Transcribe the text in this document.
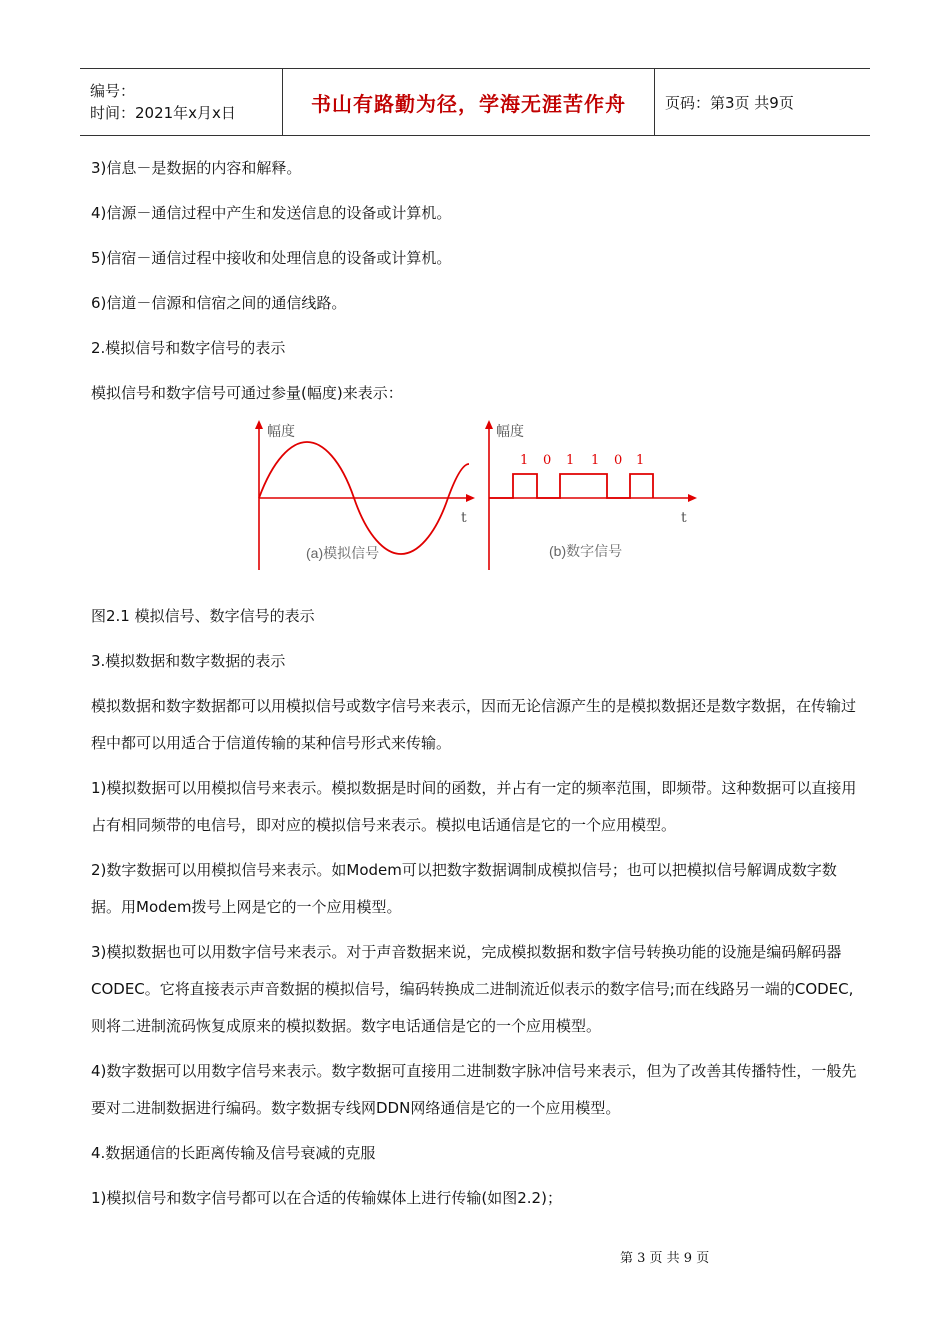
编号：
时间：2021年x月x日	书山有路勤为径，学海无涯苦作舟	页码：第3页 共9页
3)信息－是数据的内容和解释。
4)信源－通信过程中产生和发送信息的设备或计算机。
5)信宿－通信过程中接收和处理信息的设备或计算机。
6)信道－信源和信宿之间的通信线路。
2.模拟信号和数字信号的表示
模拟信号和数字信号可通过参量(幅度)来表示：
幅度
t
(a)模拟信号
幅度
t
1 0 1 1 0 1
(b)数字信号
图2.1 模拟信号、数字信号的表示
3.模拟数据和数字数据的表示
模拟数据和数字数据都可以用模拟信号或数字信号来表示，因而无论信源产生的是模拟数据还是数字数据，在传输过程中都可以用适合于信道传输的某种信号形式来传输。
1)模拟数据可以用模拟信号来表示。模拟数据是时间的函数，并占有一定的频率范围，即频带。这种数据可以直接用占有相同频带的电信号，即对应的模拟信号来表示。模拟电话通信是它的一个应用模型。
2)数字数据可以用模拟信号来表示。如Modem可以把数字数据调制成模拟信号；也可以把模拟信号解调成数字数据。用Modem拨号上网是它的一个应用模型。
3)模拟数据也可以用数字信号来表示。对于声音数据来说，完成模拟数据和数字信号转换功能的设施是编码解码器CODEC。它将直接表示声音数据的模拟信号，编码转换成二进制流近似表示的数字信号;而在线路另一端的CODEC,则将二进制流码恢复成原来的模拟数据。数字电话通信是它的一个应用模型。
4)数字数据可以用数字信号来表示。数字数据可直接用二进制数字脉冲信号来表示，但为了改善其传播特性，一般先要对二进制数据进行编码。数字数据专线网DDN网络通信是它的一个应用模型。
4.数据通信的长距离传输及信号衰减的克服
1)模拟信号和数字信号都可以在合适的传输媒体上进行传输(如图2.2)；
第 3 页 共 9 页
